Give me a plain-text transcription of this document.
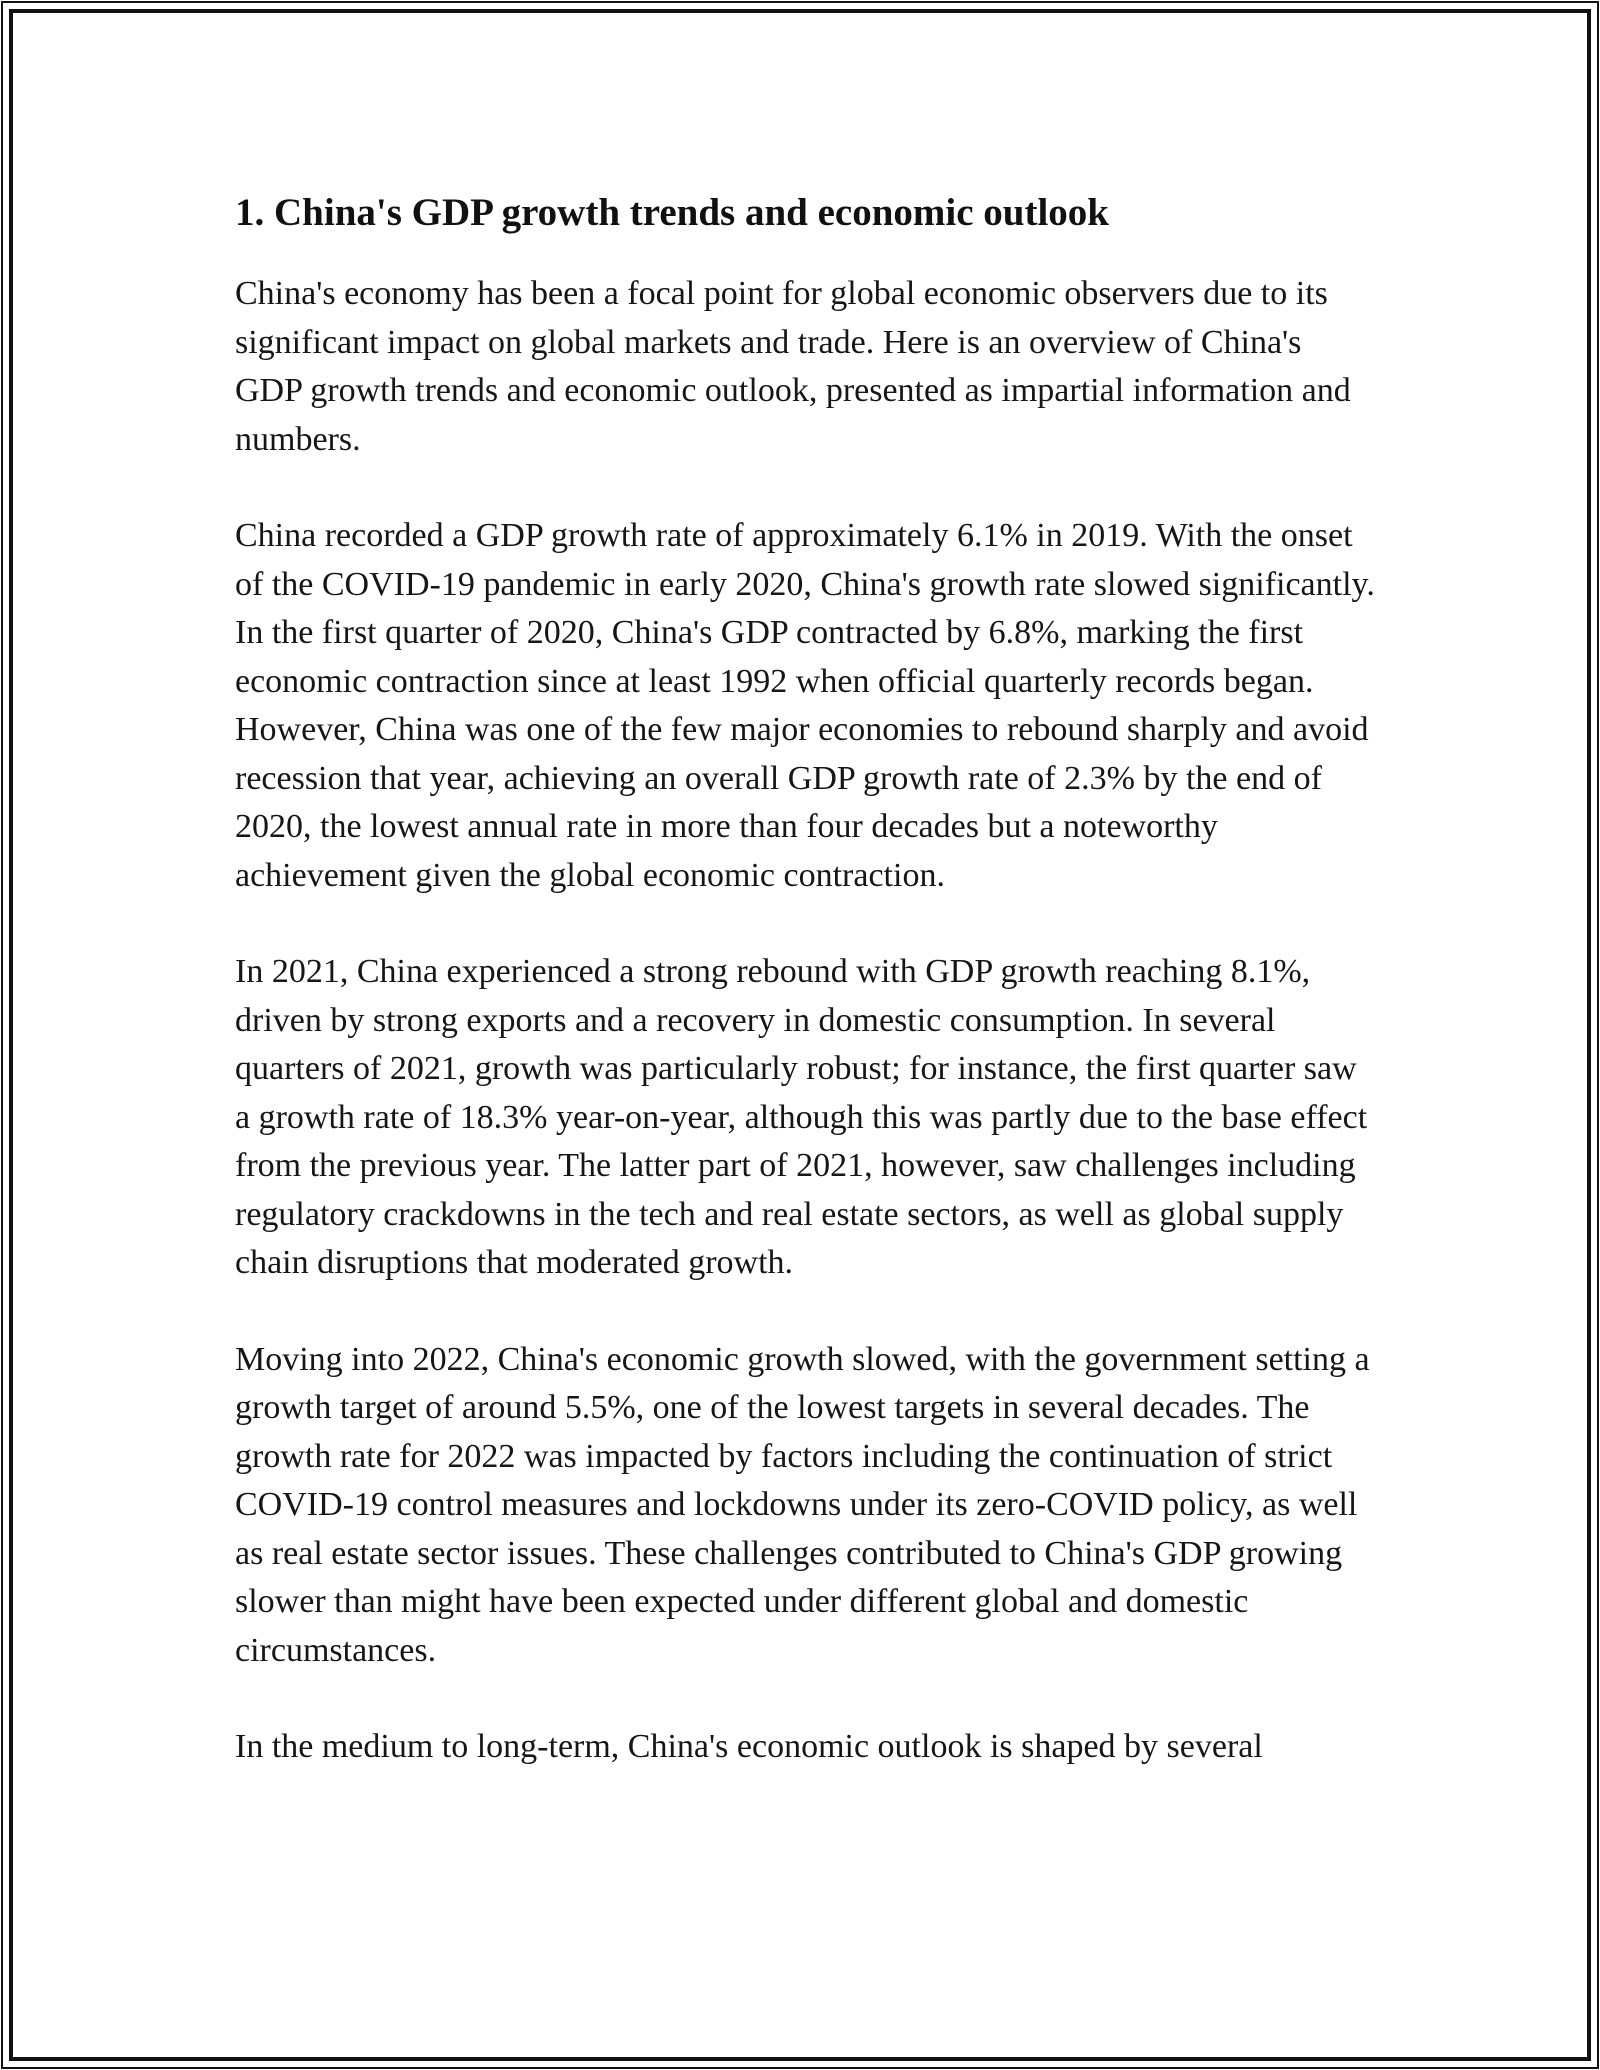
1. China's GDP growth trends and economic outlook

China's economy has been a focal point for global economic observers due to its significant impact on global markets and trade. Here is an overview of China's GDP growth trends and economic outlook, presented as impartial information and numbers.

China recorded a GDP growth rate of approximately 6.1% in 2019. With the onset of the COVID-19 pandemic in early 2020, China's growth rate slowed significantly. In the first quarter of 2020, China's GDP contracted by 6.8%, marking the first economic contraction since at least 1992 when official quarterly records began. However, China was one of the few major economies to rebound sharply and avoid recession that year, achieving an overall GDP growth rate of 2.3% by the end of 2020, the lowest annual rate in more than four decades but a noteworthy achievement given the global economic contraction.

In 2021, China experienced a strong rebound with GDP growth reaching 8.1%, driven by strong exports and a recovery in domestic consumption. In several quarters of 2021, growth was particularly robust; for instance, the first quarter saw a growth rate of 18.3% year-on-year, although this was partly due to the base effect from the previous year. The latter part of 2021, however, saw challenges including regulatory crackdowns in the tech and real estate sectors, as well as global supply chain disruptions that moderated growth.

Moving into 2022, China's economic growth slowed, with the government setting a growth target of around 5.5%, one of the lowest targets in several decades. The growth rate for 2022 was impacted by factors including the continuation of strict COVID-19 control measures and lockdowns under its zero-COVID policy, as well as real estate sector issues. These challenges contributed to China's GDP growing slower than might have been expected under different global and domestic circumstances.

In the medium to long-term, China's economic outlook is shaped by several
